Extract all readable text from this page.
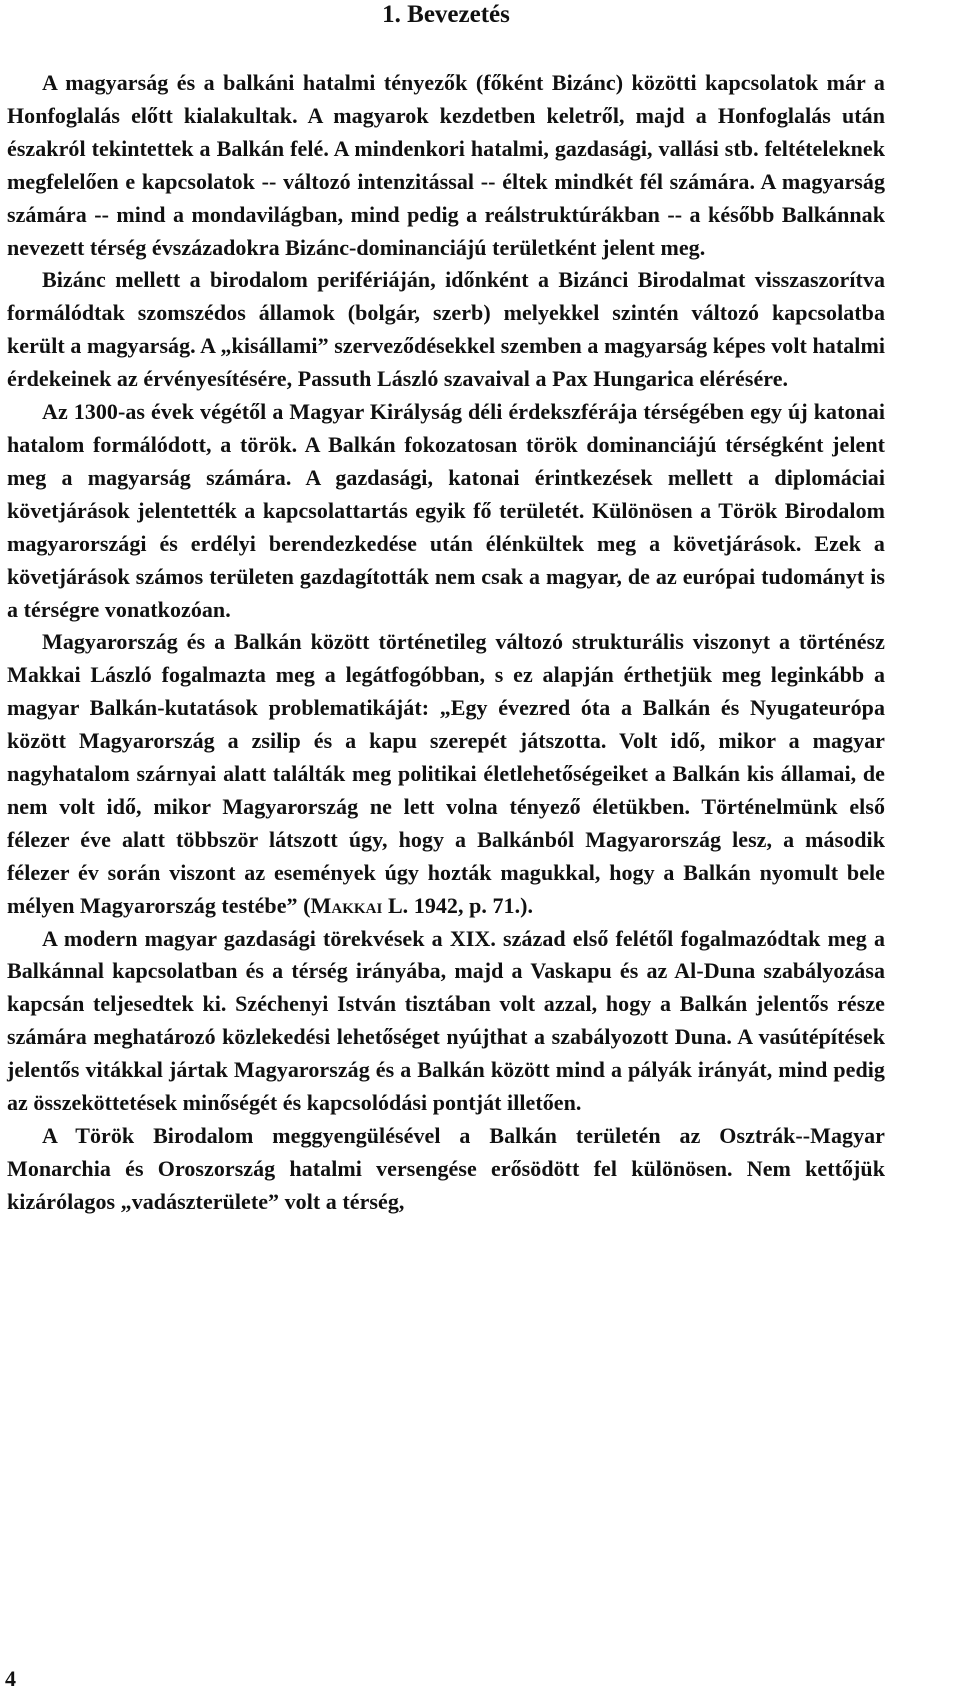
1. Bevezetés

A magyarság és a balkáni hatalmi tényezők (főként Bizánc) közötti kapcsolatok már a Honfoglalás előtt kialakultak. A magyarok kezdetben keletről, majd a Honfoglalás után északról tekintettek a Balkán felé. A mindenkori hatalmi, gazdasági, vallási stb. feltételeknek megfelelően e kapcsolatok -- változó intenzitással -- éltek mindkét fél számára. A magyarság számára -- mind a mondavilágban, mind pedig a reálstruktúrákban -- a később Balkánnak nevezett térség évszázadokra Bizánc-dominanciájú területként jelent meg.

Bizánc mellett a birodalom perifériáján, időnként a Bizánci Birodalmat visszaszorítva formálódtak szomszédos államok (bolgár, szerb) melyekkel szintén változó kapcsolatba került a magyarság. A „kisállami” szerveződésekkel szemben a magyarság képes volt hatalmi érdekeinek az érvényesítésére, Passuth László szavaival a Pax Hungarica elérésére.

Az 1300-as évek végétől a Magyar Királyság déli érdekszférája térségében egy új katonai hatalom formálódott, a török. A Balkán fokozatosan török dominanciájú térségként jelent meg a magyarság számára. A gazdasági, katonai érintkezések mellett a diplomáciai követjárások jelentették a kapcsolattartás egyik fő területét. Különösen a Török Birodalom magyarországi és erdélyi berendezkedése után élénkültek meg a követjárások. Ezek a követjárások számos területen gazdagították nem csak a magyar, de az európai tudományt is a térségre vonatkozóan.

Magyarország és a Balkán között történetileg változó strukturális viszonyt a történész Makkai László fogalmazta meg a legátfogóbban, s ez alapján érthetjük meg leginkább a magyar Balkán-kutatások problematikáját: „Egy évezred óta a Balkán és Nyugateurópa között Magyarország a zsilip és a kapu szerepét játszotta. Volt idő, mikor a magyar nagyhatalom szárnyai alatt találták meg politikai életlehetőségeiket a Balkán kis államai, de nem volt idő, mikor Magyarország ne lett volna tényező életükben. Történelmünk első félezer éve alatt többször látszott úgy, hogy a Balkánból Magyarország lesz, a második félezer év során viszont az események úgy hozták magukkal, hogy a Balkán nyomult bele mélyen Magyarország testébe” (Makkai L. 1942, p. 71.).

A modern magyar gazdasági törekvések a XIX. század első felétől fogalmazódtak meg a Balkánnal kapcsolatban és a térség irányába, majd a Vaskapu és az Al-Duna szabályozása kapcsán teljesedtek ki. Széchenyi István tisztában volt azzal, hogy a Balkán jelentős része számára meghatározó közlekedési lehetőséget nyújthat a szabályozott Duna. A vasútépítések jelentős vitákkal jártak Magyarország és a Balkán között mind a pályák irányát, mind pedig az összeköttetések minőségét és kapcsolódási pontját illetően.

A Török Birodalom meggyengülésével a Balkán területén az Osztrák--Magyar Monarchia és Oroszország hatalmi versengése erősödött fel különösen. Nem kettőjük kizárólagos „vadászterülete” volt a térség,

4
